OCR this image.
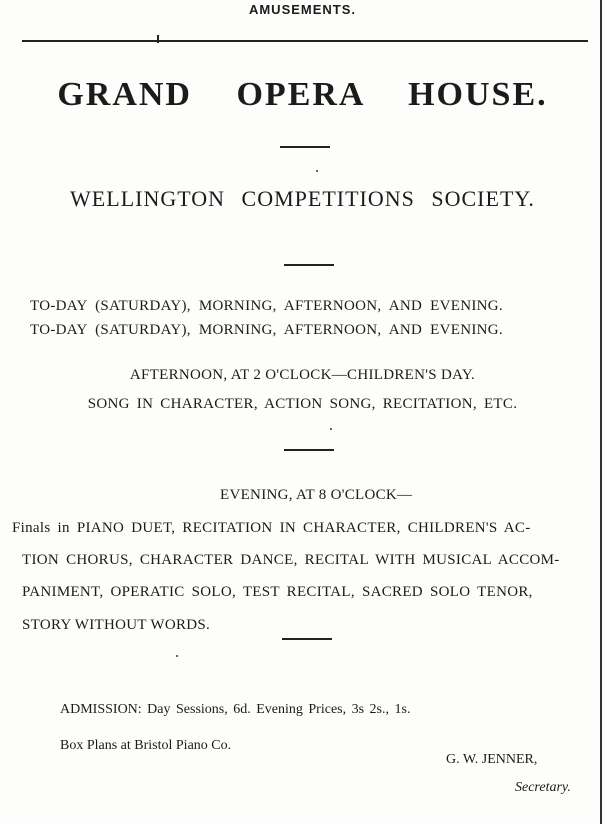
AMUSEMENTS.
GRAND OPERA HOUSE.
WELLINGTON COMPETITIONS SOCIETY.
TO-DAY (SATURDAY), MORNING, AFTERNOON, AND EVENING.
TO-DAY (SATURDAY), MORNING, AFTERNOON, AND EVENING.
AFTERNOON, AT 2 O'CLOCK—CHILDREN'S DAY.
SONG IN CHARACTER, ACTION SONG, RECITATION, ETC.
EVENING, AT 8 O'CLOCK—
Finals in PIANO DUET, RECITATION IN CHARACTER, CHILDREN'S AC-
TION CHORUS, CHARACTER DANCE, RECITAL WITH MUSICAL ACCOM-
PANIMENT, OPERATIC SOLO, TEST RECITAL, SACRED SOLO TENOR,
STORY WITHOUT WORDS.
ADMISSION: Day Sessions, 6d. Evening Prices, 3s 2s., 1s.
Box Plans at Bristol Piano Co.
G. W. JENNER,
Secretary.
